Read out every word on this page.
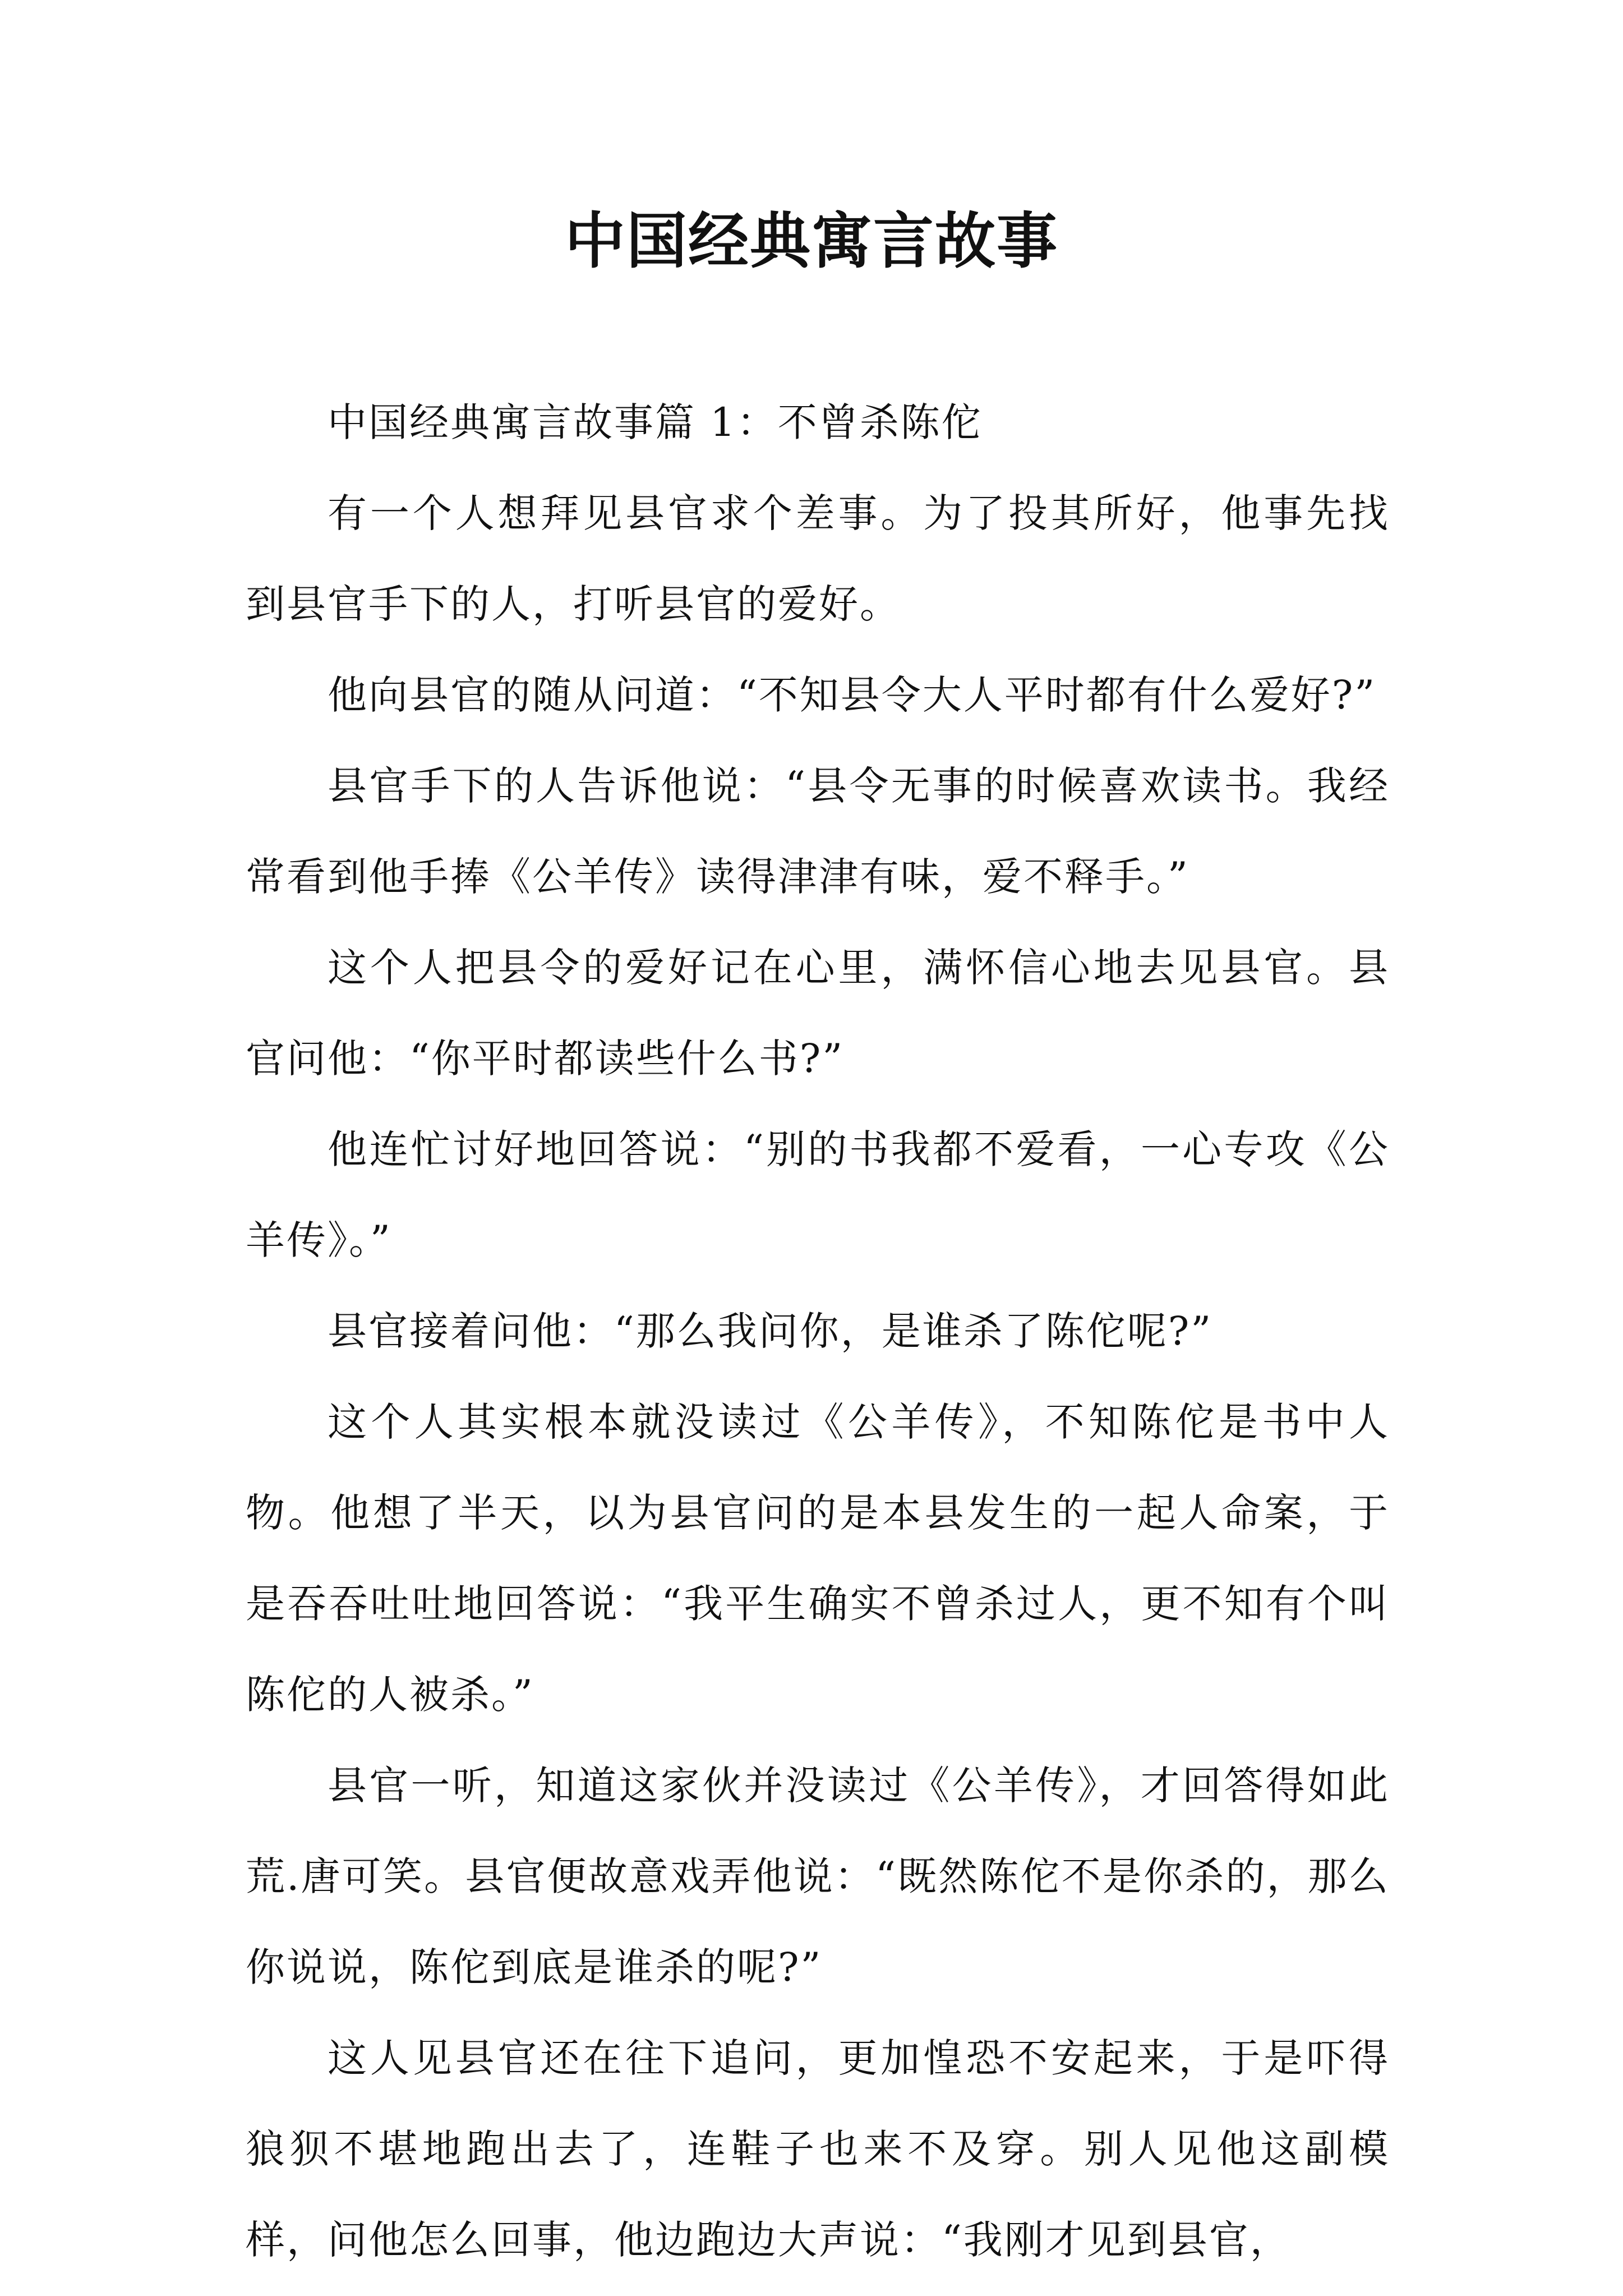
中国经典寓言故事

中国经典寓言故事篇 1：不曾杀陈佗

有一个人想拜见县官求个差事。为了投其所好，他事先找到县官手下的人，打听县官的爱好。

他向县官的随从问道：“不知县令大人平时都有什么爱好?”

县官手下的人告诉他说：“县令无事的时候喜欢读书。我经常看到他手捧《公羊传》读得津津有味，爱不释手。”

这个人把县令的爱好记在心里，满怀信心地去见县官。县官问他：“你平时都读些什么书?”

他连忙讨好地回答说：“别的书我都不爱看，一心专攻《公羊传》。”

县官接着问他：“那么我问你，是谁杀了陈佗呢?”

这个人其实根本就没读过《公羊传》，不知陈佗是书中人物。他想了半天，以为县官问的是本县发生的一起人命案，于是吞吞吐吐地回答说：“我平生确实不曾杀过人，更不知有个叫陈佗的人被杀。”

县官一听，知道这家伙并没读过《公羊传》，才回答得如此荒.唐可笑。县官便故意戏弄他说：“既然陈佗不是你杀的，那么你说说，陈佗到底是谁杀的呢?”

这人见县官还在往下追问，更加惶恐不安起来，于是吓得狼狈不堪地跑出去了，连鞋子也来不及穿。别人见他这副模样，问他怎么回事，他边跑边大声说：“我刚才见到县官，
